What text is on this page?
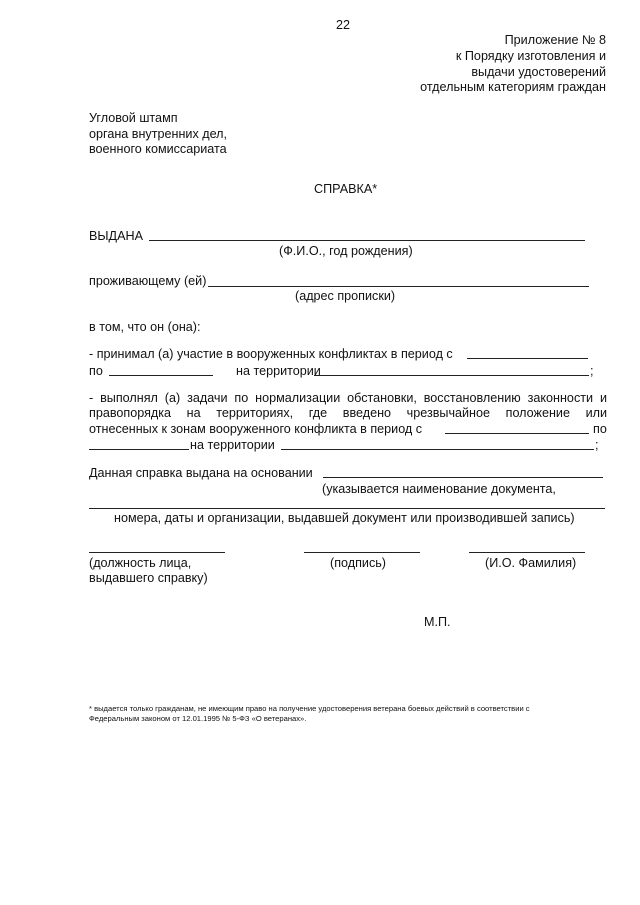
22
Приложение № 8
к Порядку изготовления и
выдачи удостоверений
отдельным категориям граждан
Угловой штамп
органа внутренних дел,
военного комиссариата
СПРАВКА*
ВЫДАНА
(Ф.И.О., год рождения)
проживающему (ей)
(адрес прописки)
в том, что он (она):
- принимал (а) участие в вооруженных конфликтах в период с
по	на территории	;
- выполнял (а) задачи по нормализации обстановки, восстановлению законности и
правопорядка на территориях, где введено чрезвычайное положение или
отнесенных к зонам вооруженного конфликта в период с	по
на территории	;
Данная справка выдана на основании
(указывается наименование документа,
номера, даты и организации, выдавшей документ или производившей запись)
(должность лица,
выдавшего справку)
(подпись)	(И.О. Фамилия)
М.П.
* выдается только гражданам, не имеющим право на получение удостоверения ветерана боевых действий в соответствии с
Федеральным законом от 12.01.1995 № 5-ФЗ «О ветеранах».
